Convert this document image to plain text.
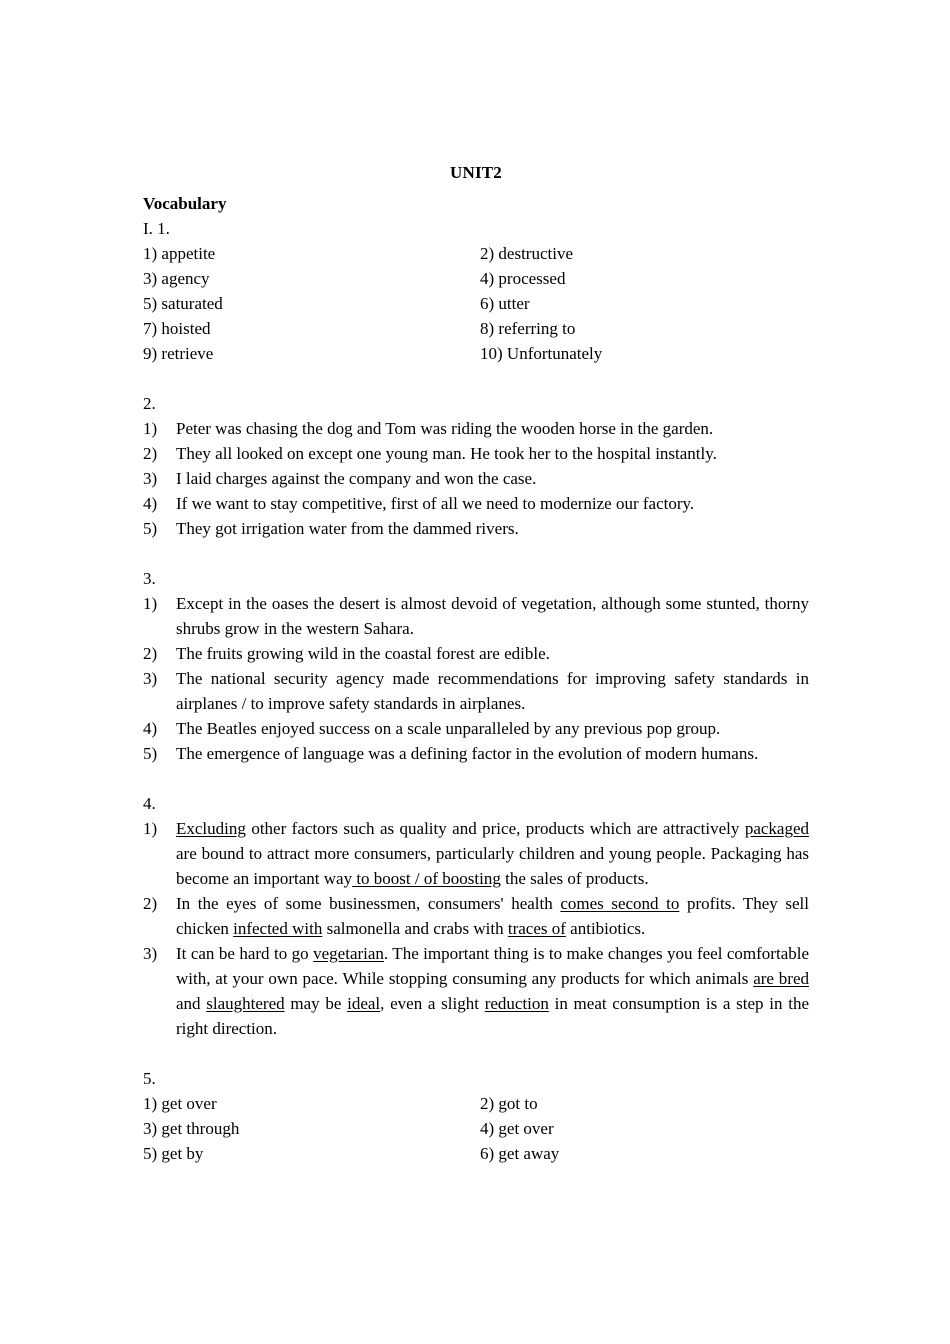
UNIT2
Vocabulary
I. 1.
1) appetite	2) destructive
3) agency	4) processed
5) saturated	6) utter
7) hoisted	8) referring to
9) retrieve	10) Unfortunately
2.
1)	Peter was chasing the dog and Tom was riding the wooden horse in the garden.
2)	They all looked on except one young man. He took her to the hospital instantly.
3)	I laid charges against the company and won the case.
4)	If we want to stay competitive, first of all we need to modernize our factory.
5)	They got irrigation water from the dammed rivers.
3.
1)	Except in the oases the desert is almost devoid of vegetation, although some stunted, thorny shrubs grow in the western Sahara.
2)	The fruits growing wild in the coastal forest are edible.
3)	The national security agency made recommendations for improving safety standards in airplanes / to improve safety standards in airplanes.
4)	The Beatles enjoyed success on a scale unparalleled by any previous pop group.
5)	The emergence of language was a defining factor in the evolution of modern humans.
4.
1)	Excluding other factors such as quality and price, products which are attractively packaged are bound to attract more consumers, particularly children and young people. Packaging has become an important way to boost / of boosting the sales of products.
2)	In the eyes of some businessmen, consumers' health comes second to profits. They sell chicken infected with salmonella and crabs with traces of antibiotics.
3)	It can be hard to go vegetarian. The important thing is to make changes you feel comfortable with, at your own pace. While stopping consuming any products for which animals are bred and slaughtered may be ideal, even a slight reduction in meat consumption is a step in the right direction.
5.
1) get over	2) got to
3) get through	4) get over
5) get by	6) get away
